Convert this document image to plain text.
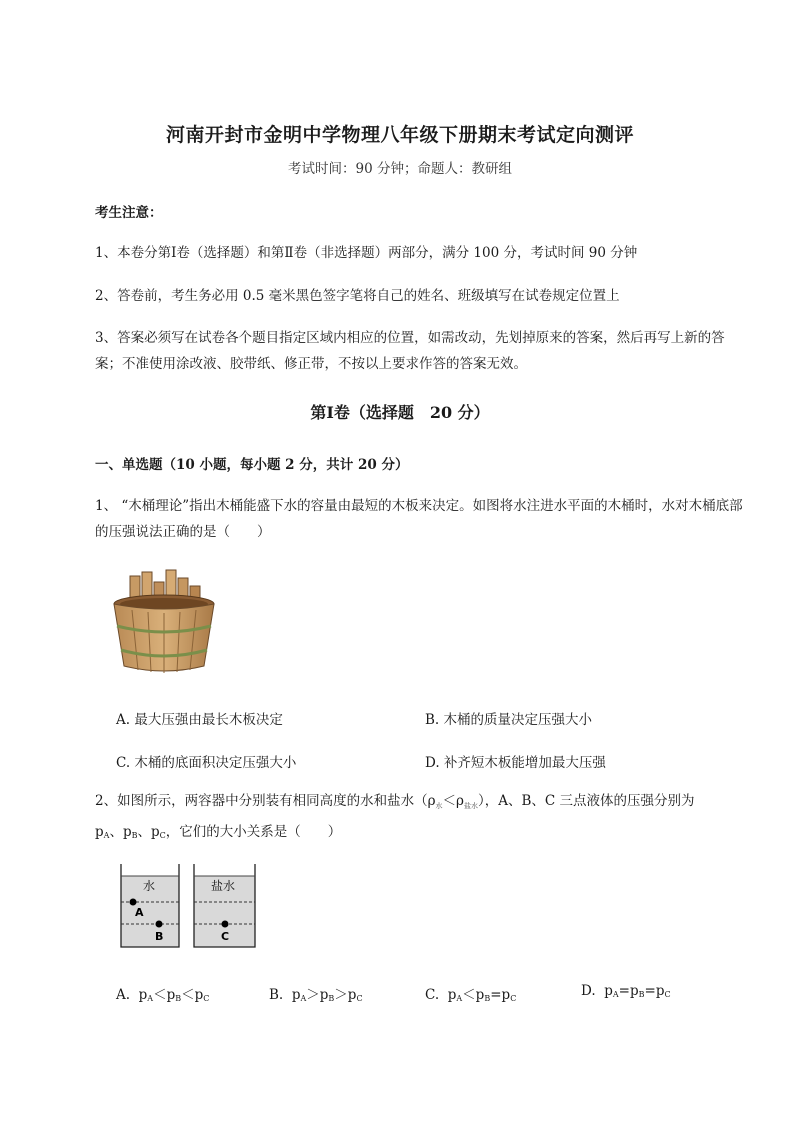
河南开封市金明中学物理八年级下册期末考试定向测评
考试时间：90 分钟；命题人：教研组
考生注意：
1、本卷分第Ⅰ卷（选择题）和第Ⅱ卷（非选择题）两部分，满分 100 分，考试时间 90 分钟
2、答卷前，考生务必用 0.5 毫米黑色签字笔将自己的姓名、班级填写在试卷规定位置上
3、答案必须写在试卷各个题目指定区域内相应的位置，如需改动，先划掉原来的答案，然后再写上新的答案；不准使用涂改液、胶带纸、修正带，不按以上要求作答的答案无效。
第Ⅰ卷（选择题　20 分）
一、单选题（10 小题，每小题 2 分，共计 20 分）
1、 “木桶理论”指出木桶能盛下水的容量由最短的木板来决定。如图将水注进水平面的木桶时，水对木桶底部的压强说法正确的是（　　）
A. 最大压强由最长木板决定	B. 木桶的质量决定压强大小
C. 木桶的底面积决定压强大小	D. 补齐短木板能增加最大压强
2、如图所示，两容器中分别装有相同高度的水和盐水$(\rho_水<\rho_{盐水})$，A、B、C 三点液体的压强分别为
$p_A$、$p_B$、$p_C$，它们的大小关系是（　　）
水	盐水
A
B	C
A. $p_A<p_B<p_C$	B. $p_A>p_B>p_C$	C. $p_A<p_B=p_C$	D. $p_A=p_B=p_C$
